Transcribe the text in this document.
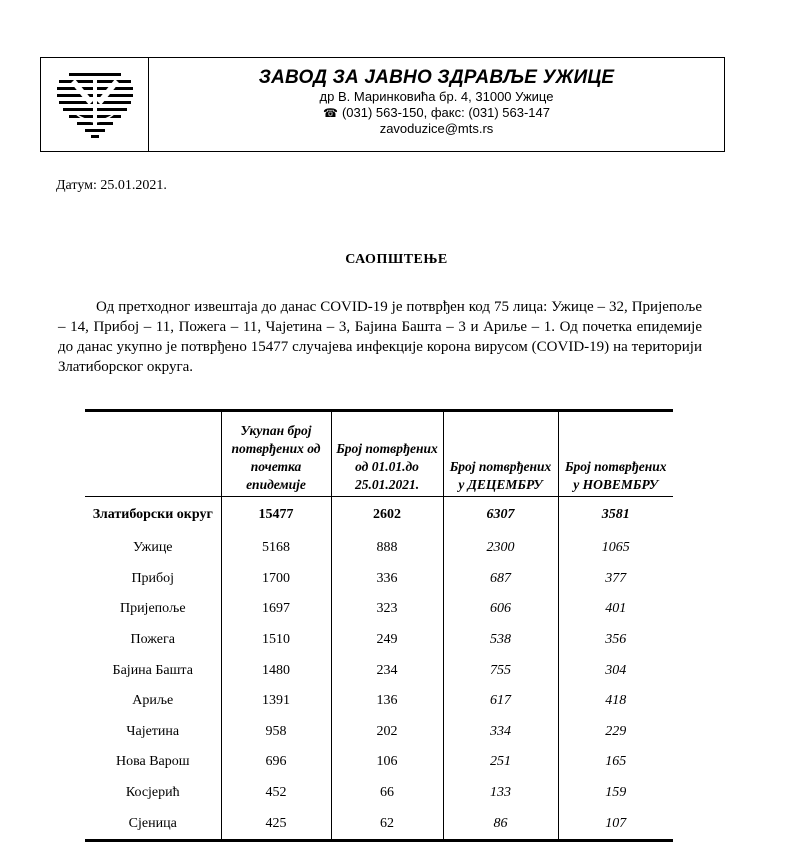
ЗАВОД ЗА ЈАВНО ЗДРАВЉЕ УЖИЦЕ
др В. Маринковића бр. 4, 31000 Ужице
☎ (031) 563-150, факс: (031) 563-147
zavoduzice@mts.rs
Датум: 25.01.2021.
САОПШТЕЊЕ
Од претходног извештаја до данас COVID-19 је потврђен код 75 лица: Ужице – 32, Пријепоље – 14, Прибој – 11, Пожега – 11, Чајетина – 3, Бајина Башта – 3 и Ариље – 1. Од почетка епидемије до данас укупно је потврђено 15477 случајева инфекције корона вирусом (COVID-19) на територији Златиборског округа.
	Укупан број потврђених од почетка епидемије	Број потврђених од 01.01.до 25.01.2021.	Број потврђених у ДЕЦЕМБРУ	Број потврђених у НОВЕМБРУ
Златиборски округ	15477	2602	6307	3581
Ужице	5168	888	2300	1065
Прибој	1700	336	687	377
Пријепоље	1697	323	606	401
Пожега	1510	249	538	356
Бајина Башта	1480	234	755	304
Ариље	1391	136	617	418
Чајетина	958	202	334	229
Нова Варош	696	106	251	165
Косјерић	452	66	133	159
Сјеница	425	62	86	107
